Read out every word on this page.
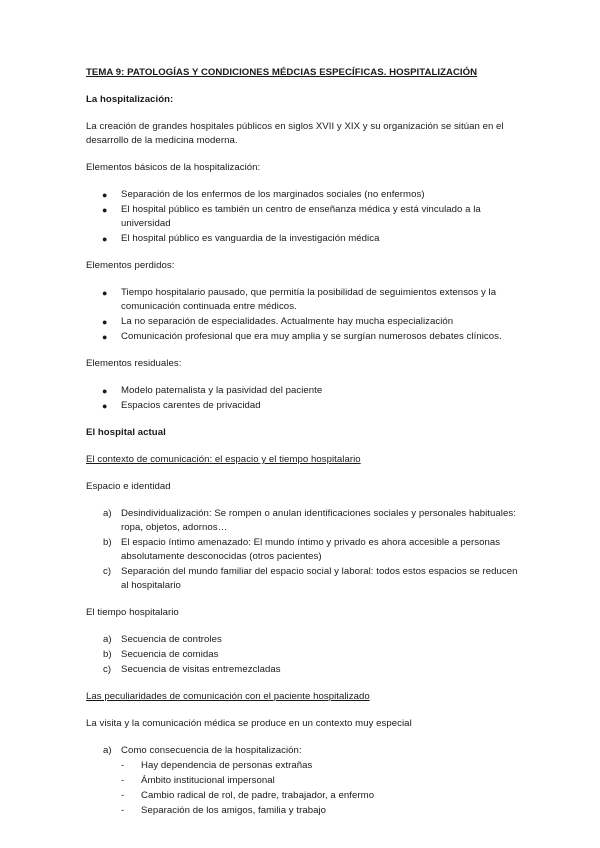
TEMA 9: PATOLOGÍAS Y CONDICIONES MÉDCIAS ESPECÍFICAS. HOSPITALIZACIÓN

La hospitalización:

La creación de grandes hospitales públicos en siglos XVII y XIX y su organización se sitúan en el desarrollo de la medicina moderna.

Elementos básicos de la hospitalización:

● Separación de los enfermos de los marginados sociales (no enfermos)
● El hospital público es también un centro de enseñanza médica y está vinculado a la universidad
● El hospital público es vanguardia de la investigación médica

Elementos perdidos:

● Tiempo hospitalario pausado, que permitía la posibilidad de seguimientos extensos y la comunicación continuada entre médicos.
● La no separación de especialidades. Actualmente hay mucha especialización
● Comunicación profesional que era muy amplia y se surgían numerosos debates clínicos.

Elementos residuales:

● Modelo paternalista y la pasividad del paciente
● Espacios carentes de privacidad

El hospital actual

El contexto de comunicación: el espacio y el tiempo hospitalario

Espacio e identidad

a) Desindividualización: Se rompen o anulan identificaciones sociales y personales habituales: ropa, objetos, adornos…
b) El espacio íntimo amenazado: El mundo íntimo y privado es ahora accesible a personas absolutamente desconocidas (otros pacientes)
c) Separación del mundo familiar del espacio social y laboral: todos estos espacios se reducen al hospitalario

El tiempo hospitalario

a) Secuencia de controles
b) Secuencia de comidas
c) Secuencia de visitas entremezcladas

Las peculiaridades de comunicación con el paciente hospitalizado

La visita y la comunicación médica se produce en un contexto muy especial

a) Como consecuencia de la hospitalización:
- Hay dependencia de personas extrañas
- Ámbito institucional impersonal
- Cambio radical de rol, de padre, trabajador, a enfermo
- Separación de los amigos, familia y trabajo
